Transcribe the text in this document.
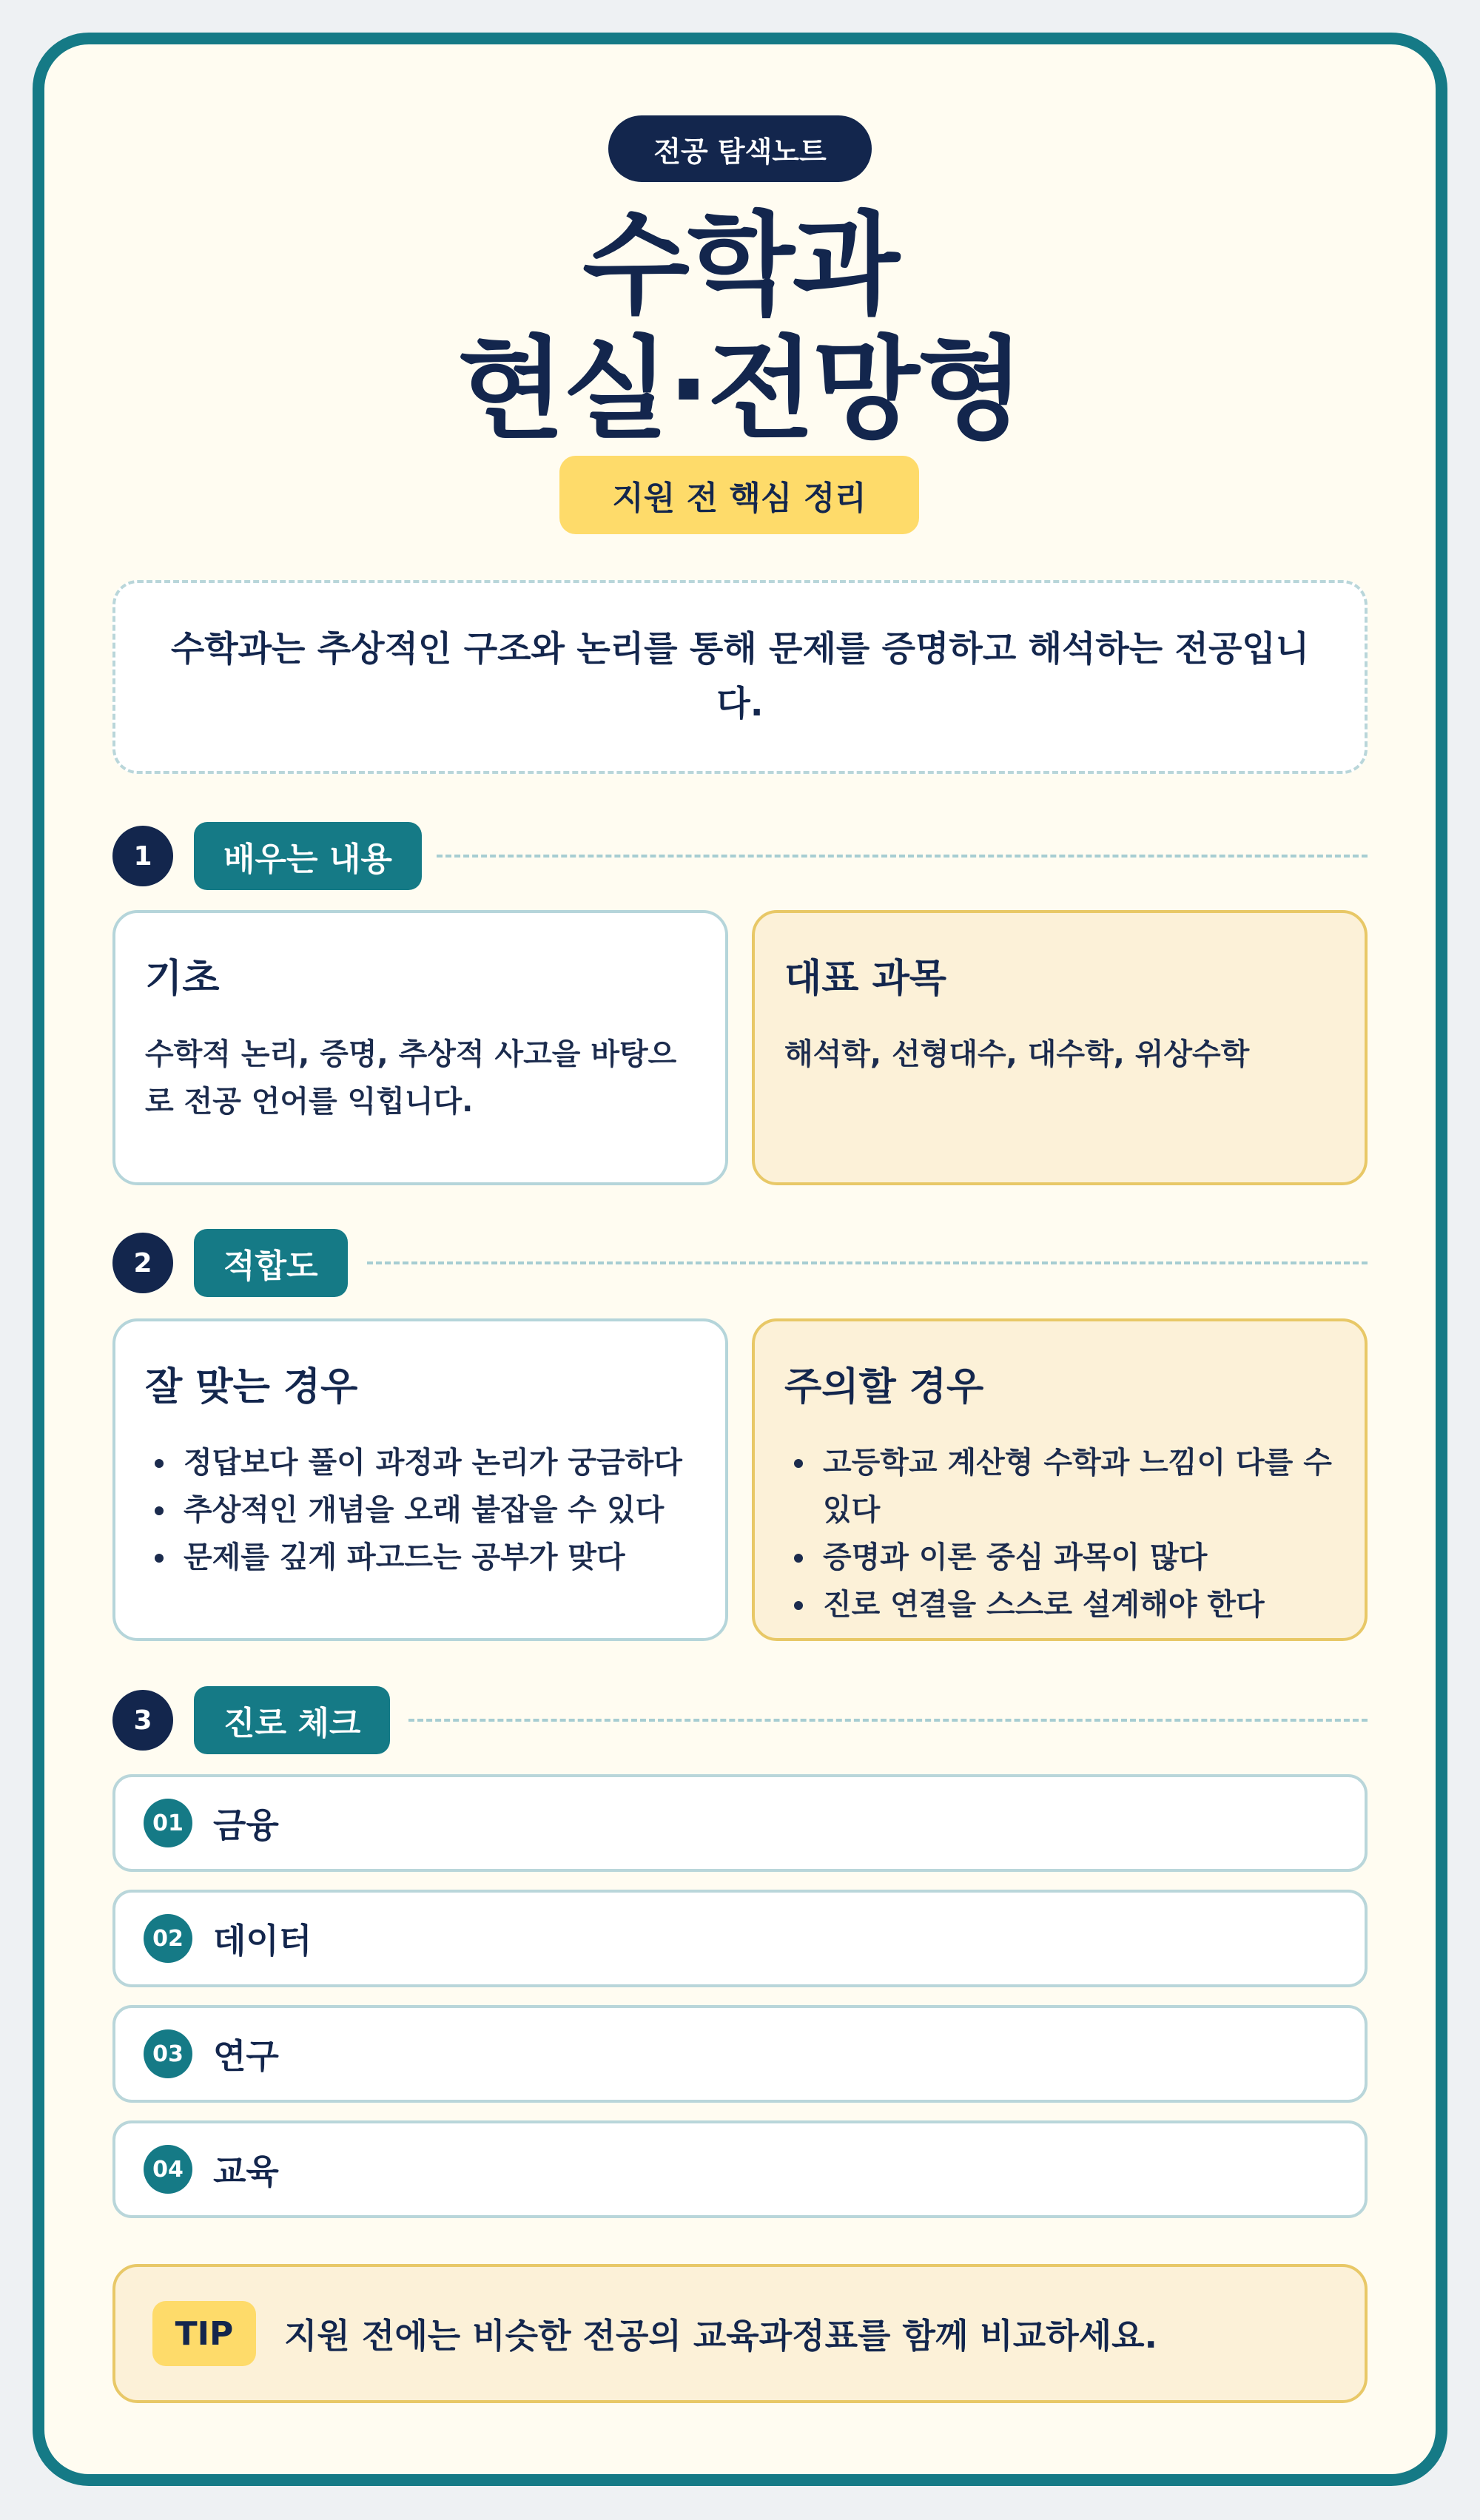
전공 탐색노트
수학과
현실·전망형
지원 전 핵심 정리
수학과는 추상적인 구조와 논리를 통해 문제를 증명하고 해석하는 전공입니다.
1	배우는 내용

기초

수학적 논리, 증명, 추상적 사고을 바탕으로 전공 언어를 익힙니다.

대표 과목

해석학, 선형대수, 대수학, 위상수학

2	적합도

잘 맞는 경우

• 정답보다 풀이 과정과 논리가 궁금하다
• 추상적인 개념을 오래 붙잡을 수 있다
• 문제를 깊게 파고드는 공부가 맞다

주의할 경우

• 고등학교 계산형 수학과 느낌이 다를 수 있다
• 증명과 이론 중심 과목이 많다
• 진로 연결을 스스로 설계해야 한다
3	진로 체크
01 금융
02 데이터
03 연구
04 교육
TIP	지원 전에는 비슷한 전공의 교육과정표를 함께 비교하세요.
